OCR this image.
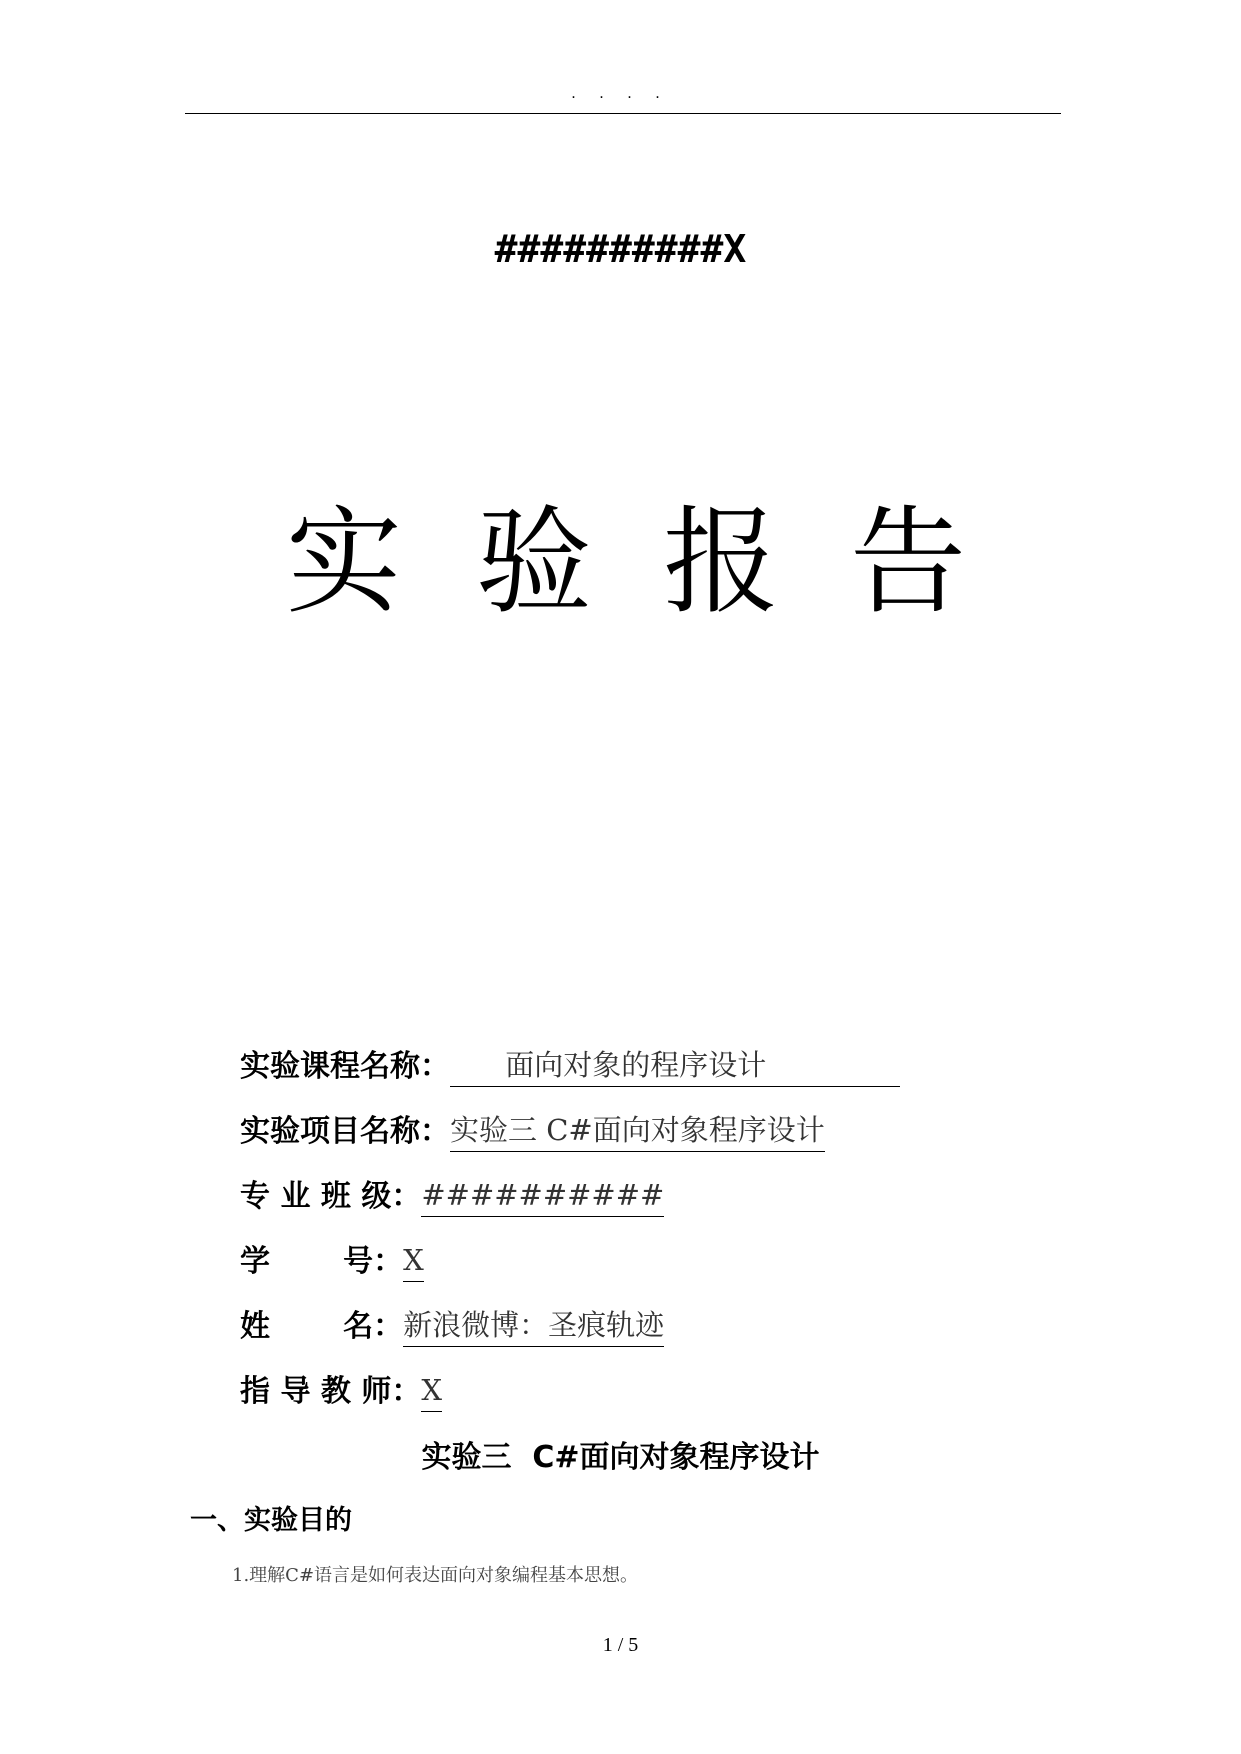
. . . .
##########X
实 验 报 告
实验课程名称： 面向对象的程序设计
实验项目名称： 实验三 C#面向对象程序设计
专 业 班 级： ##########
学       号： X
姓       名： 新浪微博：圣痕轨迹
指 导 教 师： X
实验三  C#面向对象程序设计
一、实验目的
1.理解C#语言是如何表达面向对象编程基本思想。
1 / 5
